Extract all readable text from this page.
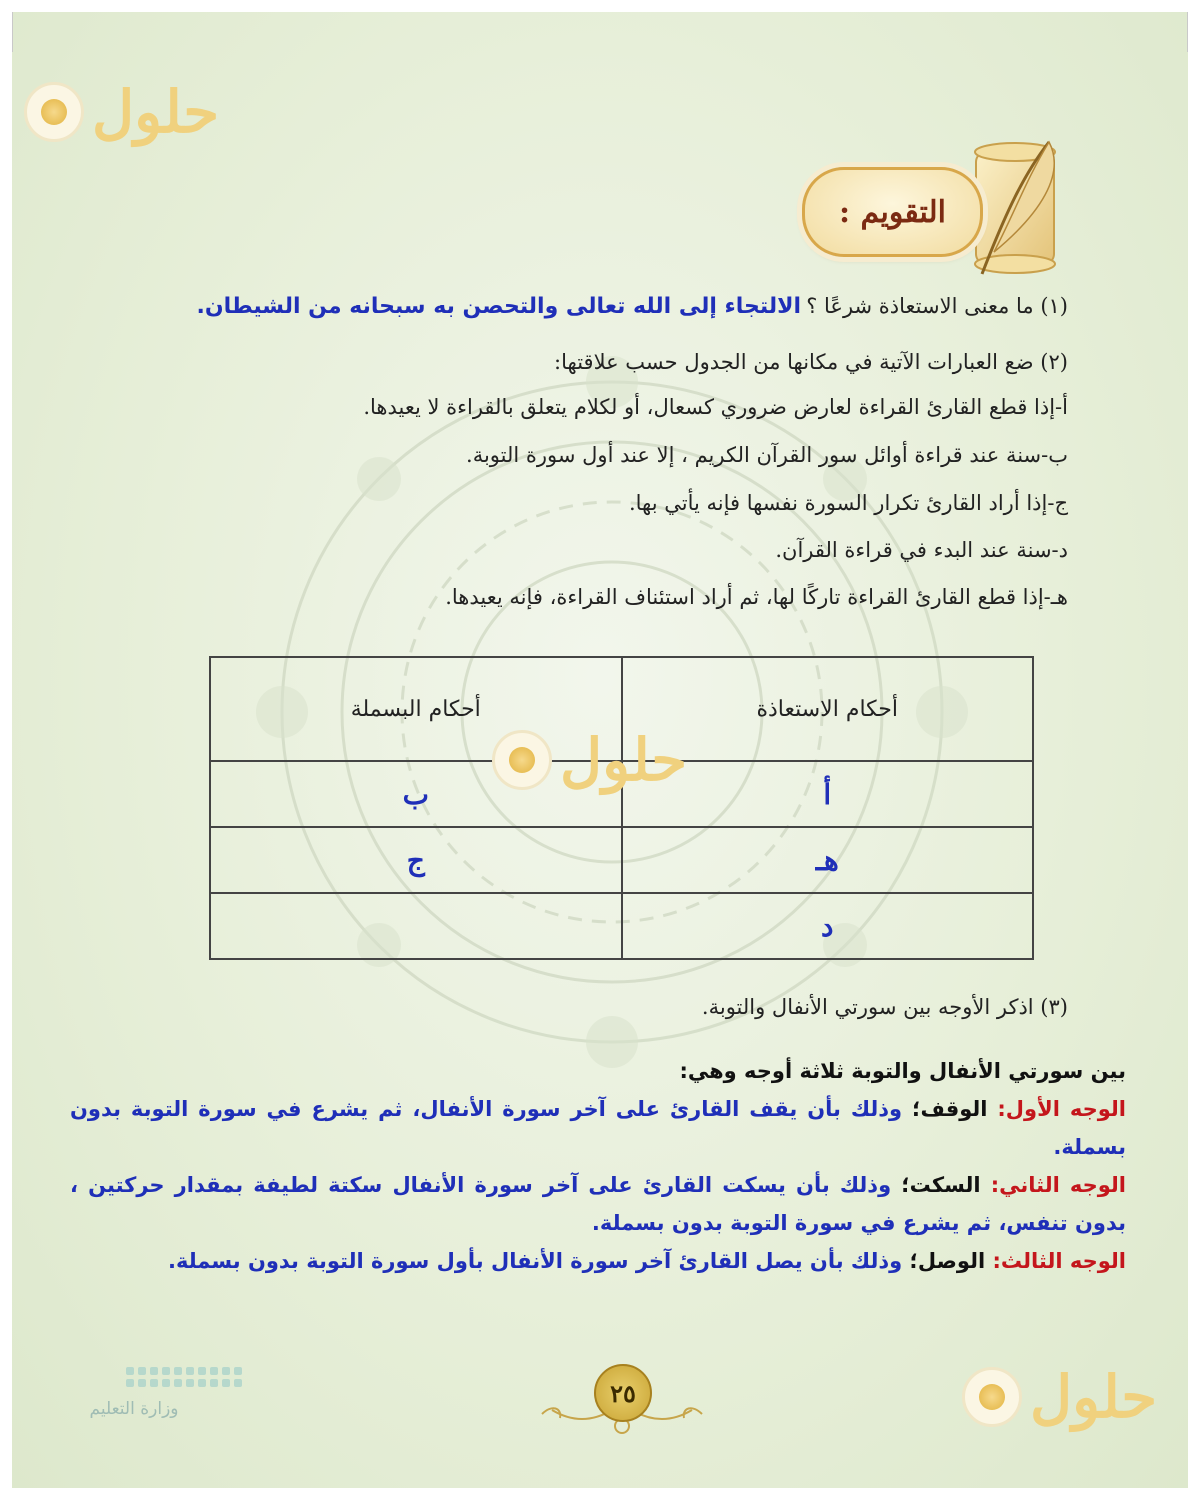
حلول
التقويم :
(١) ما معنى الاستعاذة شرعًا ؟ الالتجاء إلى الله تعالى والتحصن به سبحانه من الشيطان.
(٢) ضع العبارات الآتية في مكانها من الجدول حسب علاقتها:
أ-إذا قطع القارئ القراءة لعارض ضروري كسعال، أو لكلام يتعلق بالقراءة لا يعيدها.
ب-سنة عند قراءة أوائل سور القرآن الكريم ، إلا عند أول سورة التوبة.
ج-إذا أراد القارئ تكرار السورة نفسها فإنه يأتي بها.
د-سنة عند البدء في قراءة القرآن.
هـ-إذا قطع القارئ القراءة تاركًا لها، ثم أراد استئناف القراءة، فإنه يعيدها.
أحكام الاستعاذة	أحكام البسملة
أ	ب
هـ	ج
د	
حلول
(٣) اذكر الأوجه بين سورتي الأنفال والتوبة.
بين سورتي الأنفال والتوبة ثلاثة أوجه وهي:
الوجه الأول: الوقف؛ وذلك بأن يقف القارئ على آخر سورة الأنفال، ثم يشرع في سورة التوبة بدون بسملة.
الوجه الثاني: السكت؛ وذلك بأن يسكت القارئ على آخر سورة الأنفال سكتة لطيفة بمقدار حركتين ، بدون تنفس، ثم يشرع في سورة التوبة بدون بسملة.
الوجه الثالث: الوصل؛ وذلك بأن يصل القارئ آخر سورة الأنفال بأول سورة التوبة بدون بسملة.
وزارة التعليم
٢٥	حلول
